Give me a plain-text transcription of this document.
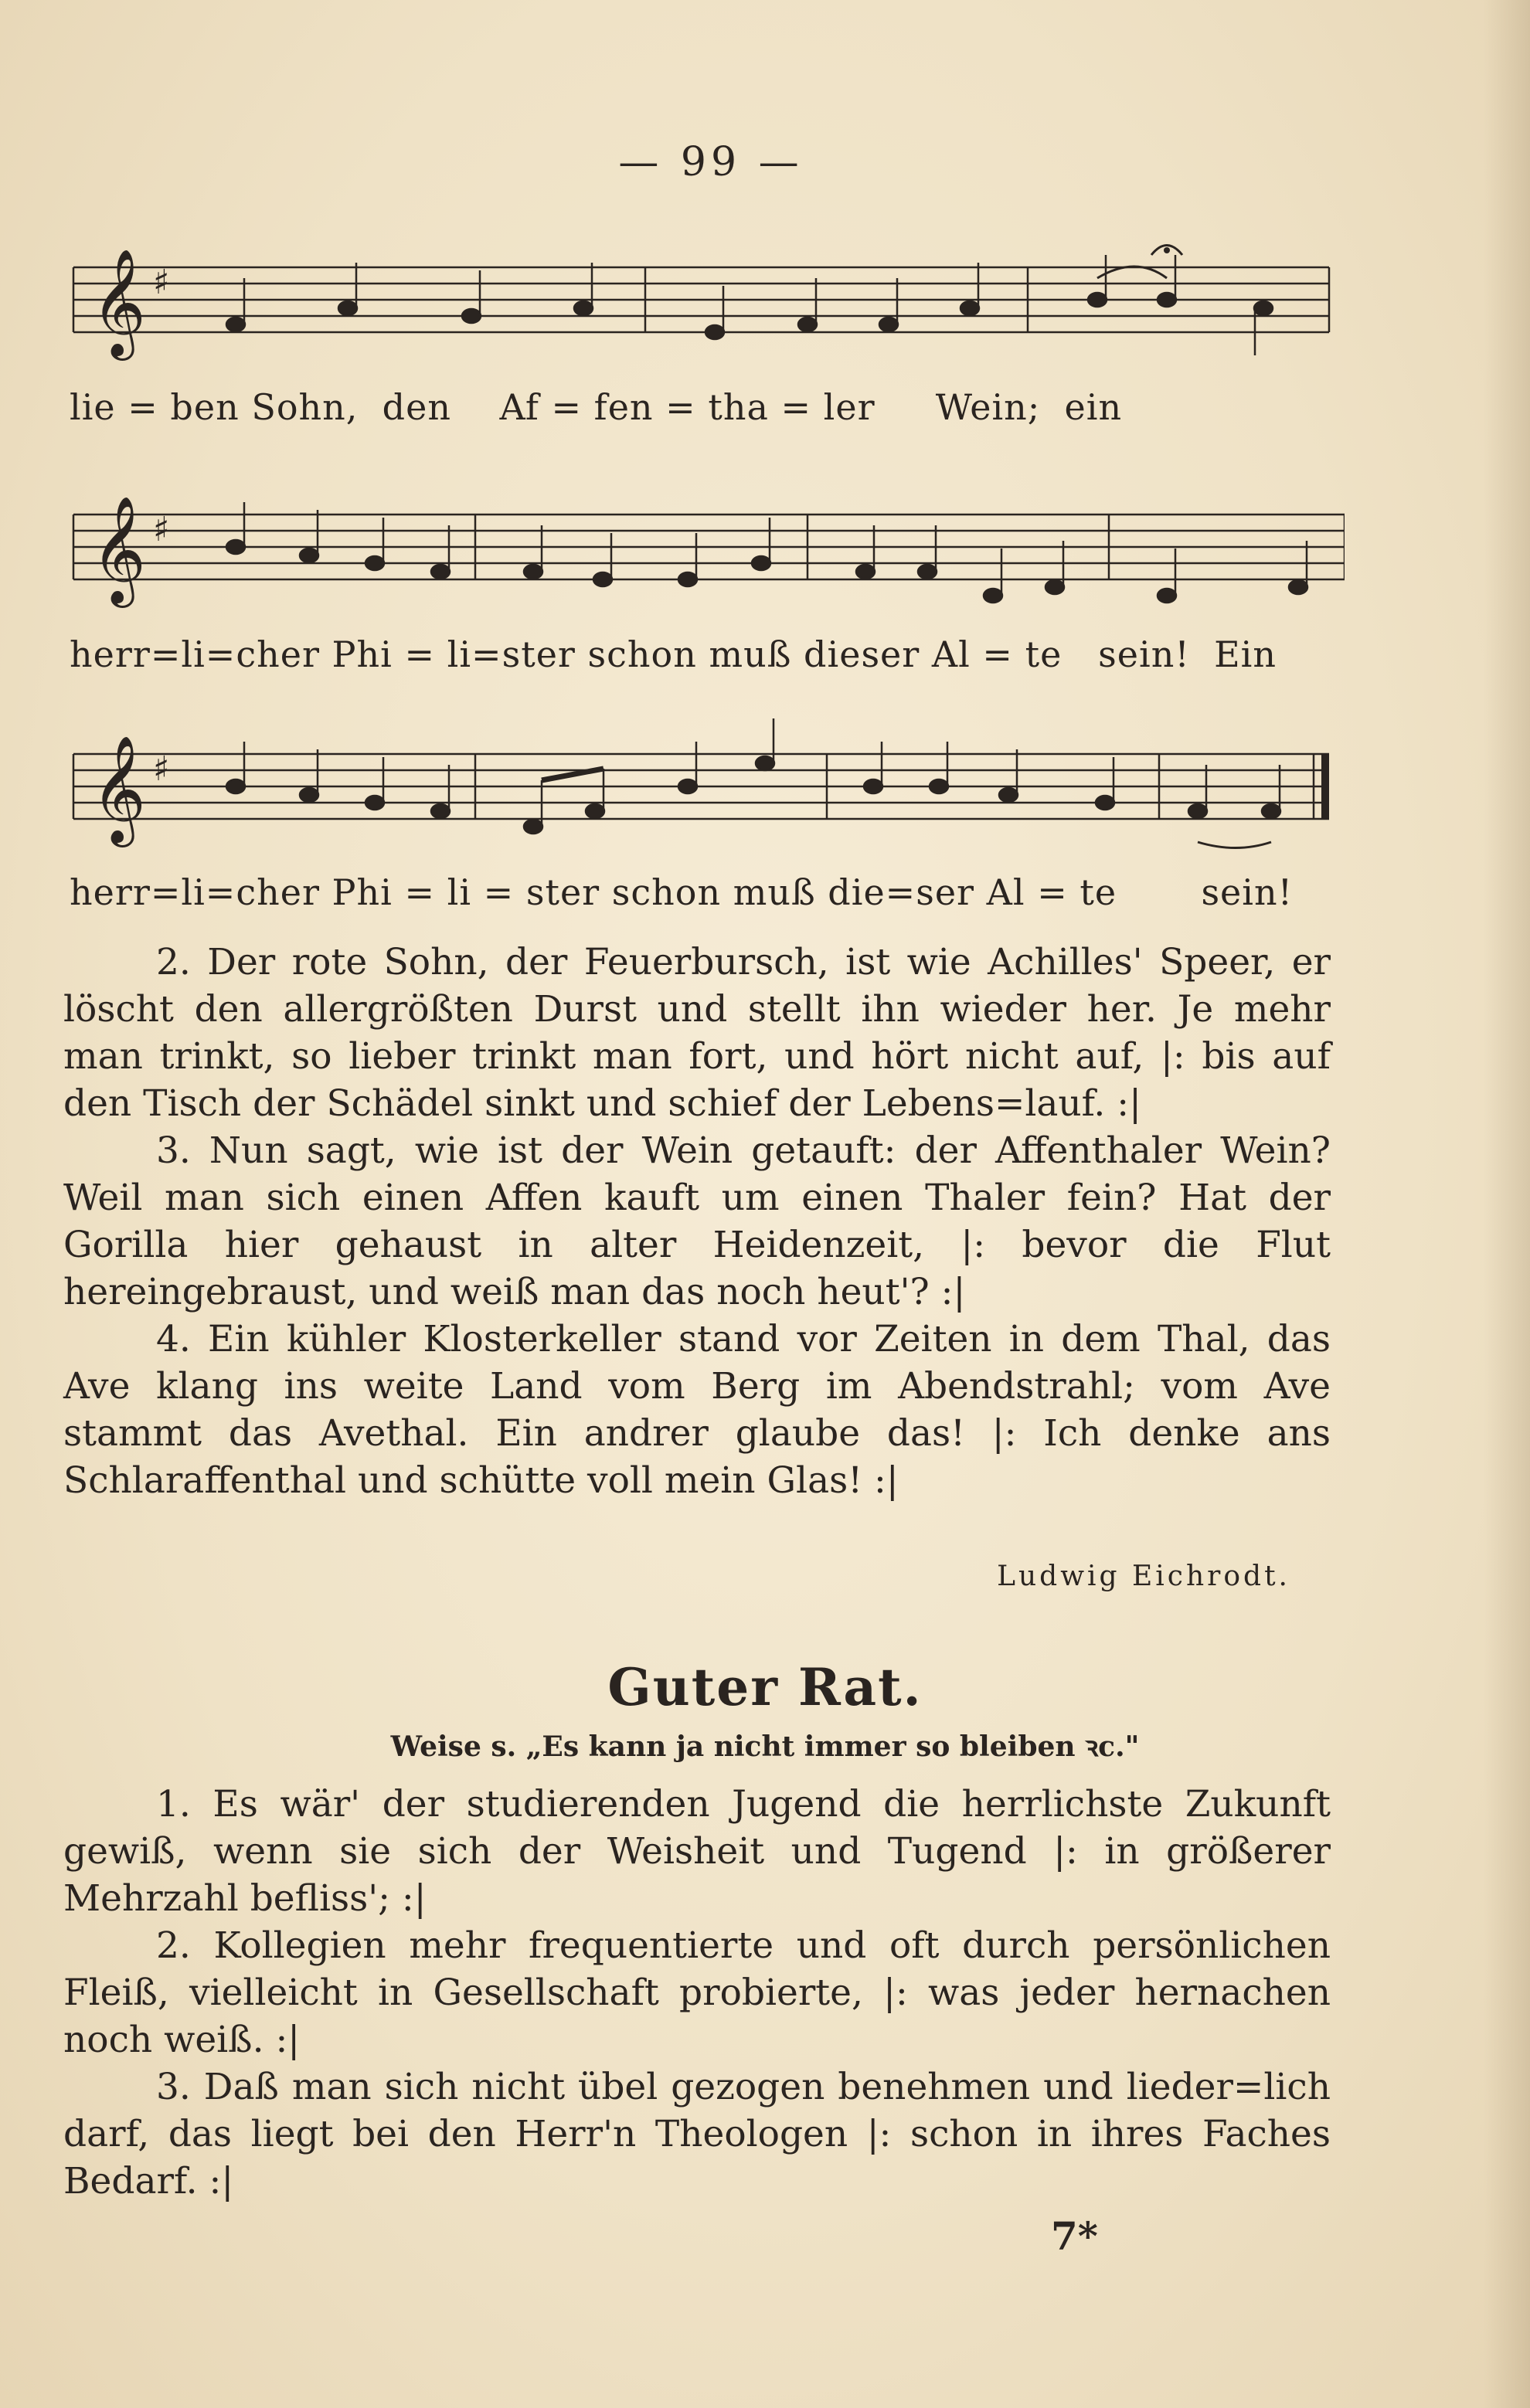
— 99 —
𝄞 ♯
lie = ben Sohn,  den    Af = fen = tha = ler     Wein;  ein
𝄞 ♯
herr=li=cher Phi = li=ster schon muß dieser Al = te   sein!  Ein
𝄞 ♯
herr=li=cher Phi = li = ster schon muß die=ser Al = te       sein!

2. Der rote Sohn, der Feuerbursch, ist wie Achilles' Speer, er löscht den allergrößten Durst und stellt ihn wieder her. Je mehr man trinkt, so lieber trinkt man fort, und hört nicht auf, |: bis auf den Tisch der Schädel sinkt und schief der Lebens=lauf. :|

3. Nun sagt, wie ist der Wein getauft: der Affenthaler Wein? Weil man sich einen Affen kauft um einen Thaler fein? Hat der Gorilla hier gehaust in alter Heidenzeit, |: bevor die Flut hereingebraust, und weiß man das noch heut'? :|

4. Ein kühler Klosterkeller stand vor Zeiten in dem Thal, das Ave klang ins weite Land vom Berg im Abendstrahl; vom Ave stammt das Avethal. Ein andrer glaube das! |: Ich denke ans Schlaraffenthal und schütte voll mein Glas! :|

Ludwig Eichrodt.
Guter Rat.
Weise s. „Es kann ja nicht immer so bleiben ꝛc."

1. Es wär' der studierenden Jugend die herrlichste Zukunft gewiß, wenn sie sich der Weisheit und Tugend |: in größerer Mehrzahl befliss'; :|

2. Kollegien mehr frequentierte und oft durch persönlichen Fleiß, vielleicht in Gesellschaft probierte, |: was jeder hernachen noch weiß. :|

3. Daß man sich nicht übel gezogen benehmen und lieder=lich darf, das liegt bei den Herr'n Theologen |: schon in ihres Faches Bedarf. :|

7*
